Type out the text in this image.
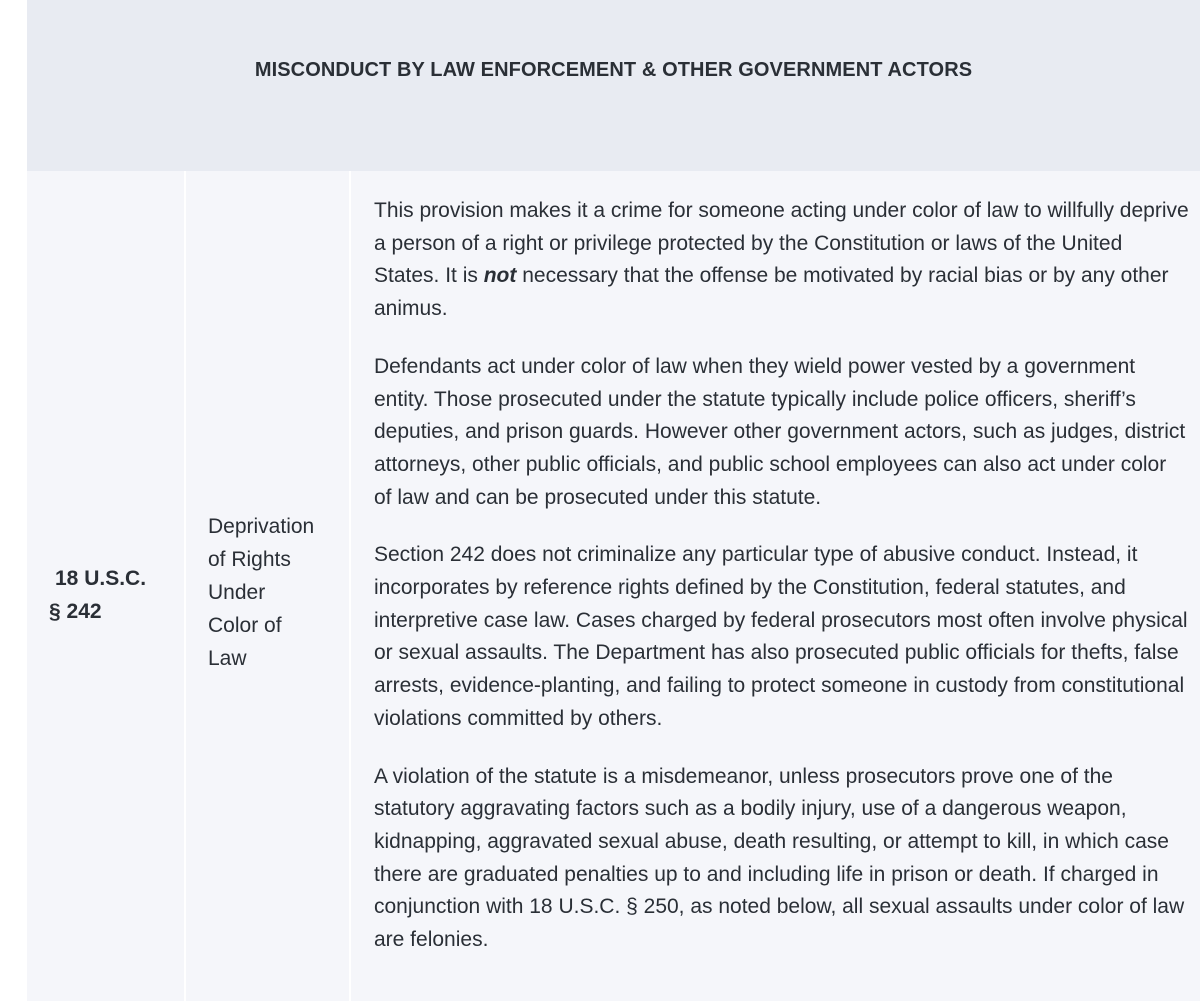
MISCONDUCT BY LAW ENFORCEMENT & OTHER GOVERNMENT ACTORS
18 U.S.C.
§ 242
Deprivation
of Rights
Under
Color of
Law

This provision makes it a crime for someone acting under color of law to willfully deprive a person of a right or privilege protected by the Constitution or laws of the United States. It is not necessary that the offense be motivated by racial bias or by any other animus.

Defendants act under color of law when they wield power vested by a government entity. Those prosecuted under the statute typically include police officers, sheriff’s deputies, and prison guards. However other government actors, such as judges, district attorneys, other public officials, and public school employees can also act under color of law and can be prosecuted under this statute.

Section 242 does not criminalize any particular type of abusive conduct. Instead, it incorporates by reference rights defined by the Constitution, federal statutes, and interpretive case law. Cases charged by federal prosecutors most often involve physical or sexual assaults. The Department has also prosecuted public officials for thefts, false arrests, evidence-planting, and failing to protect someone in custody from constitutional violations committed by others.

A violation of the statute is a misdemeanor, unless prosecutors prove one of the statutory aggravating factors such as a bodily injury, use of a dangerous weapon, kidnapping, aggravated sexual abuse, death resulting, or attempt to kill, in which case there are graduated penalties up to and including life in prison or death. If charged in conjunction with 18 U.S.C. § 250, as noted below, all sexual assaults under color of law are felonies.
